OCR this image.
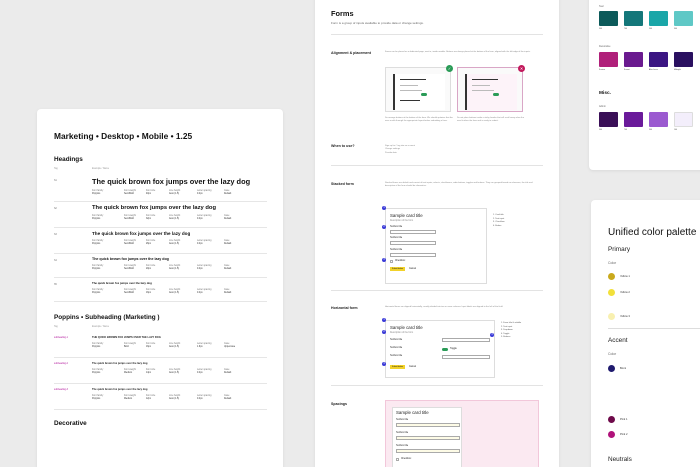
Marketing • Desktop • Mobile • 1.25
Headings
Tag	Example / Name
h1	The quick brown fox jumps over the lazy dog
Font family	Font weight	Font size	Line height	Letter spacing	Case
Poppins	SemiBold	40px	Auto (1.5)	0.4px	Default
h2	The quick brown fox jumps over the lazy dog
Font family	Font weight	Font size	Line height	Letter spacing	Case
Poppins	SemiBold	32px	Auto (1.5)	0.4px	Default
h3	The quick brown fox jumps over the lazy dog
Font family	Font weight	Font size	Line height	Letter spacing	Case
Poppins	SemiBold	26px	Auto (1.5)	0.4px	Default
h4	The quick brown fox jumps over the lazy dog
Font family	Font weight	Font size	Line height	Letter spacing	Case
Poppins	SemiBold	20px	Auto (1.5)	0.4px	Default
h5	The quick brown fox jumps over the lazy dog
Font family	Font weight	Font size	Line height	Letter spacing	Case
Poppins	SemiBold	16px	Auto (1.5)	0.4px	Default
Poppins • Subheading (Marketing )
Tag	Example / Name
subheading-1	THE QUICK BROWN FOX JUMPS OVER THE LAZY DOG
Font family	Font weight	Font size	Line height	Letter spacing	Case
Poppins	Bold	16px	Auto (1.5)	1.6px	Uppercase
subheading-2	The quick brown fox jumps over the lazy dog
Font family	Font weight	Font size	Line height	Letter spacing	Case
Poppins	Medium	14px	Auto (1.5)	0.4px	Default
subheading-3	The quick brown fox jumps over the lazy dog
Font family	Font weight	Font size	Line height	Letter spacing	Case
Poppins	Medium	12px	Auto (1.5)	0.4px	Default
Decorative
Forms
Form is a group of inputs available to provide data or change settings.
Alignment & placement	Forms can be placed on a dedicated page, next to, inside modals. Buttons are always placed at the bottom of the form, aligned with the left edge of the inputs.
✓	✕
Do arrange buttons at the bottom of the form. We should optimize that the user scrolls through the appropriate layout before submitting a form.
Do not place buttons inside a sticky header that will scroll away when the user finishes the form and is ready to submit.
When to use?	Sign up for / Log into an account
Change settings
Provide data
Stacked form	Stacked forms are default and consist of text inputs, selects, checkboxes, radio buttons, toggles and buttons. They are grouped based on relevance, the title and description of the form should be informative.
Sample card title
Description of the form
Textbox title
Textbox title
Textbox title
Checkbox
Submit button	Cancel
1
2
3
1. Card title
2. Text input
3. Checkbox
4. Button
Horizontal form	Horizontal forms are aligned horizontally, usually divided into two or more columns. Input labels are aligned to the left of the field.
Sample card title
Description of the form
Textbox title
Textbox title	Toggle
Textbox title
Submit button	Cancel
1
2
3
4
1. Form title & subtitle
2. Text input
3. Dropdown
4. Toggle
5. Buttons
Spacings
Sample card title
Textbox title
Textbox title
Textbox title
Checkbox
Teal
900	700	500	300
Decorative
Sunrise	Sunset	After hours	Midnight
Misc.
Admin
900	700	500	100
Unified color palette
Primary
Color
Yellow 1
Yellow 2
Yellow 3
Accent
Color
Bomi
Pink 1
Pink 2
Neutrals
